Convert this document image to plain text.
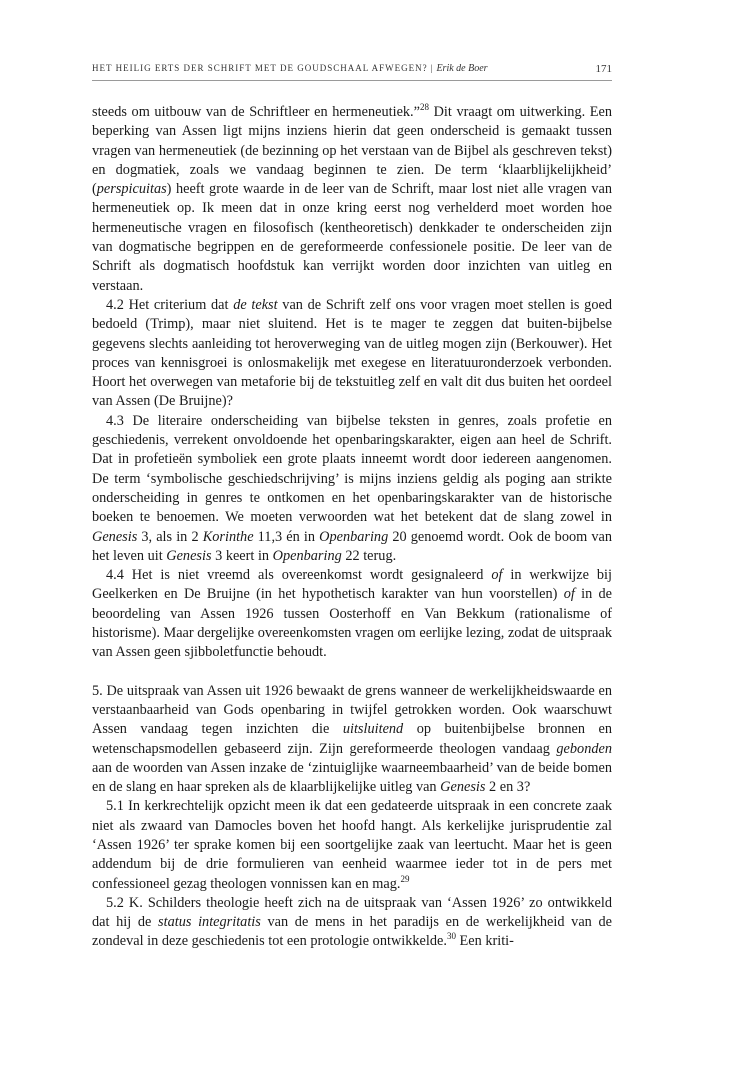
HET HEILIG ERTS DER SCHRIFT MET DE GOUDSCHAAL AFWEGEN? | Erik de Boer	171

steeds om uitbouw van de Schriftleer en hermeneutiek.”$^{28}$ Dit vraagt om uitwerking. Een beperking van Assen ligt mijns inziens hierin dat geen onderscheid is gemaakt tussen vragen van hermeneutiek (de bezinning op het verstaan van de Bijbel als geschreven tekst) en dogmatiek, zoals we vandaag beginnen te zien. De term ‘klaarblijkelijkheid’ (perspicuitas) heeft grote waarde in de leer van de Schrift, maar lost niet alle vragen van hermeneutiek op. Ik meen dat in onze kring eerst nog verhelderd moet worden hoe hermeneutische vragen en filosofisch (kentheoretisch) denkkader te onderscheiden zijn van dogmatische begrippen en de gereformeerde confessionele positie. De leer van de Schrift als dogmatisch hoofdstuk kan verrijkt worden door inzichten van uitleg en verstaan.

4.2 Het criterium dat de tekst van de Schrift zelf ons voor vragen moet stellen is goed bedoeld (Trimp), maar niet sluitend. Het is te mager te zeggen dat buiten-bijbelse gegevens slechts aanleiding tot heroverweging van de uitleg mogen zijn (Berkouwer). Het proces van kennisgroei is onlosmakelijk met exegese en literatuuronderzoek verbonden. Hoort het overwegen van metaforie bij de tekstuitleg zelf en valt dit dus buiten het oordeel van Assen (De Bruijne)?

4.3 De literaire onderscheiding van bijbelse teksten in genres, zoals profetie en geschiedenis, verrekent onvoldoende het openbaringskarakter, eigen aan heel de Schrift. Dat in profetieën symboliek een grote plaats inneemt wordt door iedereen aangenomen. De term ‘symbolische geschiedschrijving’ is mijns inziens geldig als poging aan strikte onderscheiding in genres te ontkomen en het openbaringskarakter van de historische boeken te benoemen. We moeten verwoorden wat het betekent dat de slang zowel in Genesis 3, als in 2 Korinthe 11,3 én in Openbaring 20 genoemd wordt. Ook de boom van het leven uit Genesis 3 keert in Openbaring 22 terug.

4.4 Het is niet vreemd als overeenkomst wordt gesignaleerd of in werkwijze bij Geelkerken en De Bruijne (in het hypothetisch karakter van hun voorstellen) of in de beoordeling van Assen 1926 tussen Oosterhoff en Van Bekkum (rationalisme of historisme). Maar dergelijke overeenkomsten vragen om eerlijke lezing, zodat de uitspraak van Assen geen sjibboletfunctie behoudt.

5. De uitspraak van Assen uit 1926 bewaakt de grens wanneer de werkelijkheidswaarde en verstaanbaarheid van Gods openbaring in twijfel getrokken worden. Ook waarschuwt Assen vandaag tegen inzichten die uitsluitend op buitenbijbelse bronnen en wetenschapsmodellen gebaseerd zijn. Zijn gereformeerde theologen vandaag gebonden aan de woorden van Assen inzake de ‘zintuiglijke waarneembaarheid’ van de beide bomen en de slang en haar spreken als de klaarblijkelijke uitleg van Genesis 2 en 3?

5.1 In kerkrechtelijk opzicht meen ik dat een gedateerde uitspraak in een concrete zaak niet als zwaard van Damocles boven het hoofd hangt. Als kerkelijke jurisprudentie zal ‘Assen 1926’ ter sprake komen bij een soortgelijke zaak van leertucht. Maar het is geen addendum bij de drie formulieren van eenheid waarmee ieder tot in de pers met confessioneel gezag theologen vonnissen kan en mag.$^{29}$

5.2 K. Schilders theologie heeft zich na de uitspraak van ‘Assen 1926’ zo ontwikkeld dat hij de status integritatis van de mens in het paradijs en de werkelijkheid van de zondeval in deze geschiedenis tot een protologie ontwikkelde.$^{30}$ Een kriti-
